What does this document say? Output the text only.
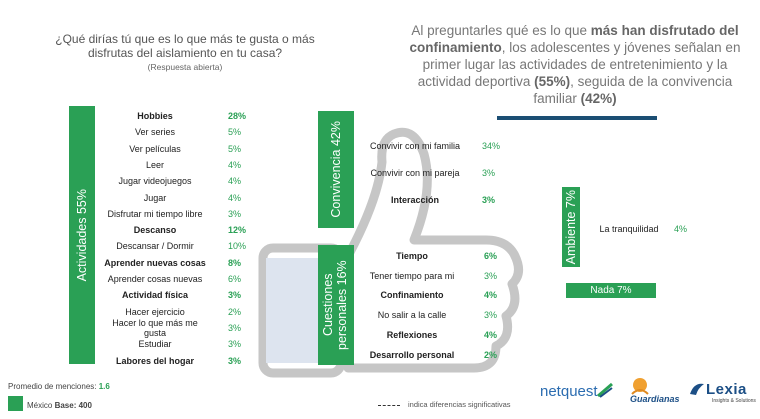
¿Qué dirías tú que es lo que más te gusta o más disfrutas del aislamiento en tu casa?
(Respuesta abierta)
Al preguntarles qué es lo que más han disfrutado del confinamiento, los adolescentes y jóvenes señalan en primer lugar las actividades de entretenimiento y la actividad deportiva (55%), seguida de la convivencia familiar (42%)
Actividades 55%
Convivencia 42%
Cuestiones personales 16%
Ambiente 7%
Nada 7%
Hobbies	28%
Ver series	5%
Ver películas	5%
Leer	4%
Jugar videojuegos	4%
Jugar	4%
Disfrutar mi tiempo libre	3%
Descanso	12%
Descansar / Dormir	10%
Aprender nuevas cosas	8%
Aprender cosas nuevas	6%
Actividad física	3%
Hacer ejercicio	2%
Hacer lo que más me gusta	3%
Estudiar	3%
Labores del hogar	3%
Convivir con mi familia	34%
Convivir con mi pareja	3%
Interacción	3%
Tiempo	6%
Tener tiempo para mi	3%
Confinamiento	4%
No salir a la calle	3%
Reflexiones	4%
Desarrollo personal	2%
La tranquilidad	4%
Promedio de menciones: 1.6
México Base: 400	indica diferencias significativas
netquest	Guardianas
Lexia
Insights & Solutions
